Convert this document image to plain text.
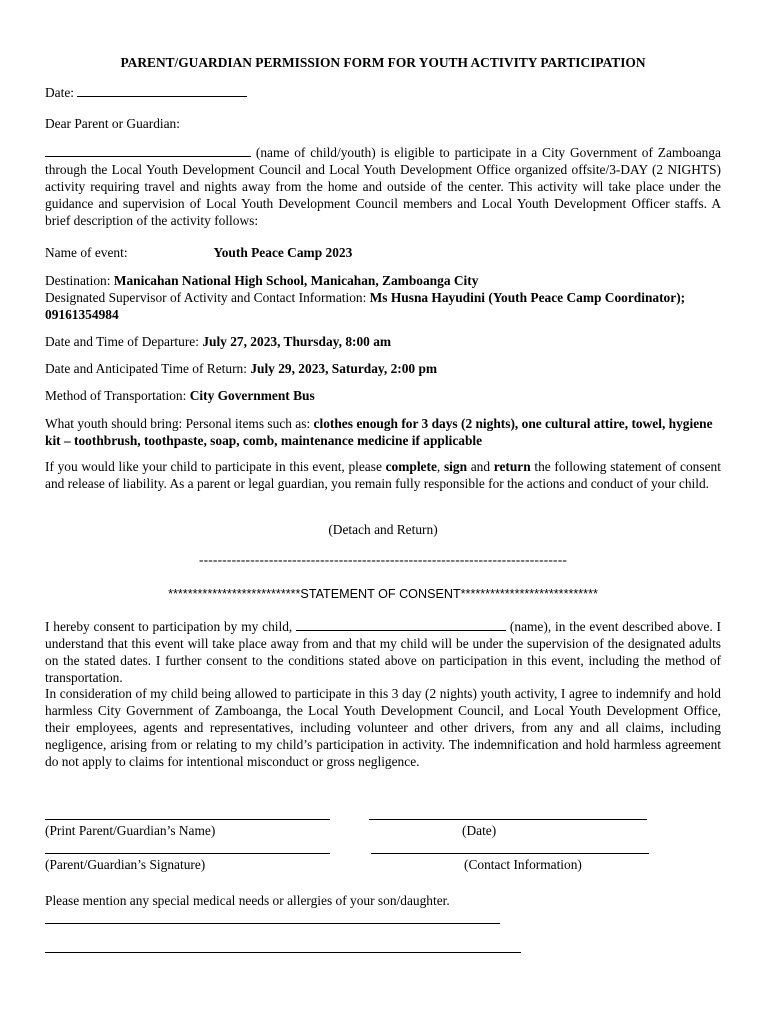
PARENT/GUARDIAN PERMISSION FORM FOR YOUTH ACTIVITY PARTICIPATION

Date:

Dear Parent or Guardian:

(name of child/youth) is eligible to participate in a City Government of Zamboanga through the Local Youth Development Council and Local Youth Development Office organized offsite/3-DAY (2 NIGHTS) activity requiring travel and nights away from the home and outside of the center. This activity will take place under the guidance and supervision of Local Youth Development Council members and Local Youth Development Officer staffs. A brief description of the activity follows:

Name of event:	Youth Peace Camp 2023

Destination: Manicahan National High School, Manicahan, Zamboanga City

Designated Supervisor of Activity and Contact Information: Ms Husna Hayudini (Youth Peace Camp Coordinator); 09161354984

Date and Time of Departure: July 27, 2023, Thursday, 8:00 am

Date and Anticipated Time of Return: July 29, 2023, Saturday, 2:00 pm

Method of Transportation: City Government Bus

What youth should bring: Personal items such as: clothes enough for 3 days (2 nights), one cultural attire, towel, hygiene kit – toothbrush, toothpaste, soap, comb, maintenance medicine if applicable

If you would like your child to participate in this event, please complete, sign and return the following statement of consent and release of liability. As a parent or legal guardian, you remain fully responsible for the actions and conduct of your child.

(Detach and Return)

-------------------------------------------------------------------------------

***************************STATEMENT OF CONSENT****************************

I hereby consent to participation by my child,	(name), in the event described above. I understand that this event will take place away from and that my child will be under the supervision of the designated adults on the stated dates. I further consent to the conditions stated above on participation in this event, including the method of transportation.

In consideration of my child being allowed to participate in this 3 day (2 nights) youth activity, I agree to indemnify and hold harmless City Government of Zamboanga, the Local Youth Development Council, and Local Youth Development Office, their employees, agents and representatives, including volunteer and other drivers, from any and all claims, including negligence, arising from or relating to my child’s participation in activity. The indemnification and hold harmless agreement do not apply to claims for intentional misconduct or gross negligence.

(Print Parent/Guardian’s Name)	(Date)

(Parent/Guardian’s Signature)	(Contact Information)

Please mention any special medical needs or allergies of your son/daughter.
